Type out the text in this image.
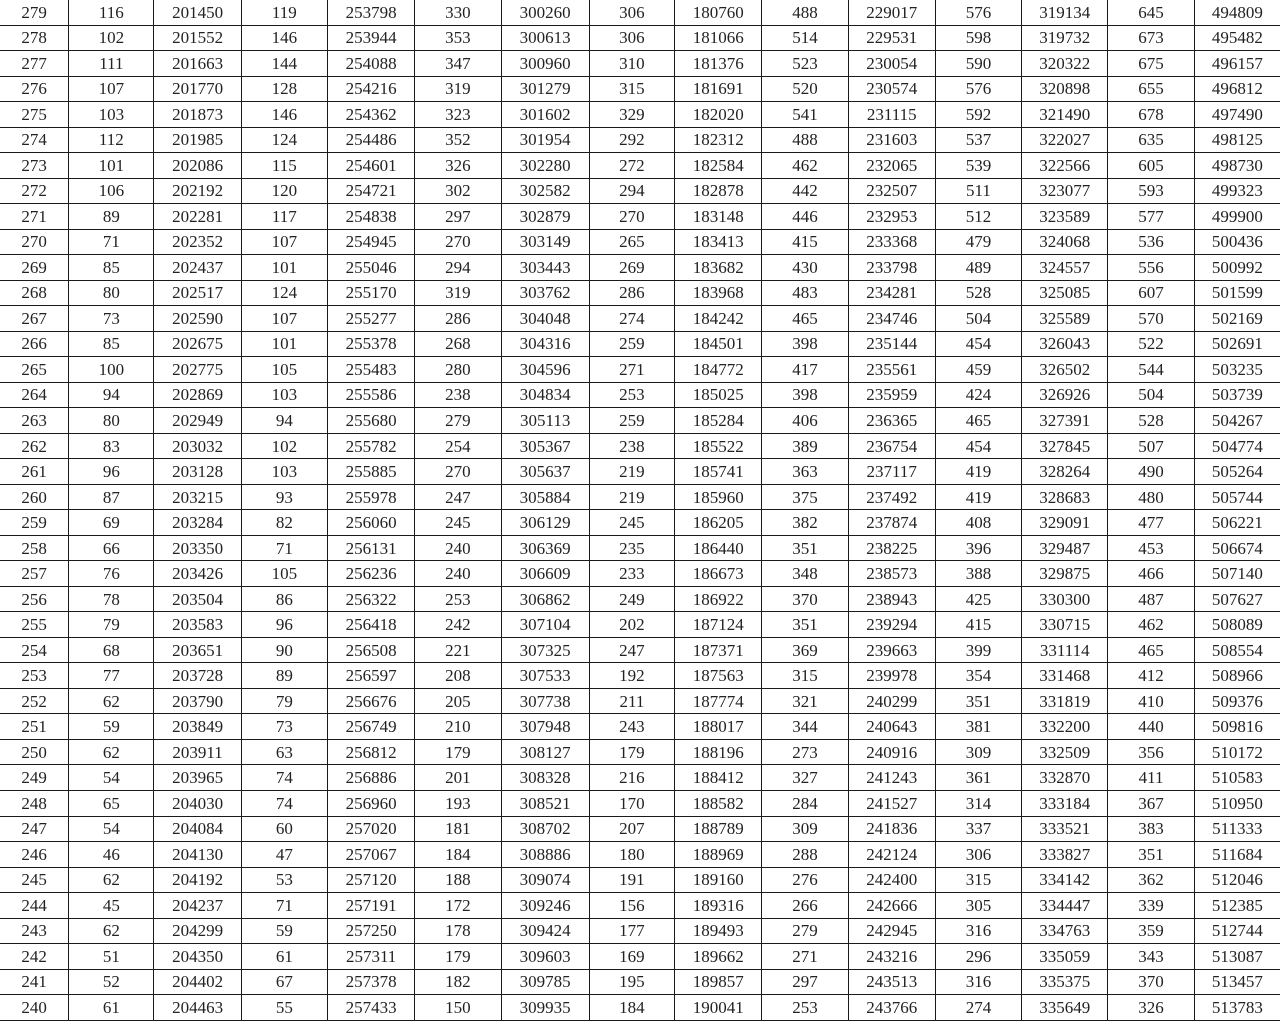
279	116	201450	119	253798	330	300260	306	180760	488	229017	576	319134	645	494809
278	102	201552	146	253944	353	300613	306	181066	514	229531	598	319732	673	495482
277	111	201663	144	254088	347	300960	310	181376	523	230054	590	320322	675	496157
276	107	201770	128	254216	319	301279	315	181691	520	230574	576	320898	655	496812
275	103	201873	146	254362	323	301602	329	182020	541	231115	592	321490	678	497490
274	112	201985	124	254486	352	301954	292	182312	488	231603	537	322027	635	498125
273	101	202086	115	254601	326	302280	272	182584	462	232065	539	322566	605	498730
272	106	202192	120	254721	302	302582	294	182878	442	232507	511	323077	593	499323
271	89	202281	117	254838	297	302879	270	183148	446	232953	512	323589	577	499900
270	71	202352	107	254945	270	303149	265	183413	415	233368	479	324068	536	500436
269	85	202437	101	255046	294	303443	269	183682	430	233798	489	324557	556	500992
268	80	202517	124	255170	319	303762	286	183968	483	234281	528	325085	607	501599
267	73	202590	107	255277	286	304048	274	184242	465	234746	504	325589	570	502169
266	85	202675	101	255378	268	304316	259	184501	398	235144	454	326043	522	502691
265	100	202775	105	255483	280	304596	271	184772	417	235561	459	326502	544	503235
264	94	202869	103	255586	238	304834	253	185025	398	235959	424	326926	504	503739
263	80	202949	94	255680	279	305113	259	185284	406	236365	465	327391	528	504267
262	83	203032	102	255782	254	305367	238	185522	389	236754	454	327845	507	504774
261	96	203128	103	255885	270	305637	219	185741	363	237117	419	328264	490	505264
260	87	203215	93	255978	247	305884	219	185960	375	237492	419	328683	480	505744
259	69	203284	82	256060	245	306129	245	186205	382	237874	408	329091	477	506221
258	66	203350	71	256131	240	306369	235	186440	351	238225	396	329487	453	506674
257	76	203426	105	256236	240	306609	233	186673	348	238573	388	329875	466	507140
256	78	203504	86	256322	253	306862	249	186922	370	238943	425	330300	487	507627
255	79	203583	96	256418	242	307104	202	187124	351	239294	415	330715	462	508089
254	68	203651	90	256508	221	307325	247	187371	369	239663	399	331114	465	508554
253	77	203728	89	256597	208	307533	192	187563	315	239978	354	331468	412	508966
252	62	203790	79	256676	205	307738	211	187774	321	240299	351	331819	410	509376
251	59	203849	73	256749	210	307948	243	188017	344	240643	381	332200	440	509816
250	62	203911	63	256812	179	308127	179	188196	273	240916	309	332509	356	510172
249	54	203965	74	256886	201	308328	216	188412	327	241243	361	332870	411	510583
248	65	204030	74	256960	193	308521	170	188582	284	241527	314	333184	367	510950
247	54	204084	60	257020	181	308702	207	188789	309	241836	337	333521	383	511333
246	46	204130	47	257067	184	308886	180	188969	288	242124	306	333827	351	511684
245	62	204192	53	257120	188	309074	191	189160	276	242400	315	334142	362	512046
244	45	204237	71	257191	172	309246	156	189316	266	242666	305	334447	339	512385
243	62	204299	59	257250	178	309424	177	189493	279	242945	316	334763	359	512744
242	51	204350	61	257311	179	309603	169	189662	271	243216	296	335059	343	513087
241	52	204402	67	257378	182	309785	195	189857	297	243513	316	335375	370	513457
240	61	204463	55	257433	150	309935	184	190041	253	243766	274	335649	326	513783
